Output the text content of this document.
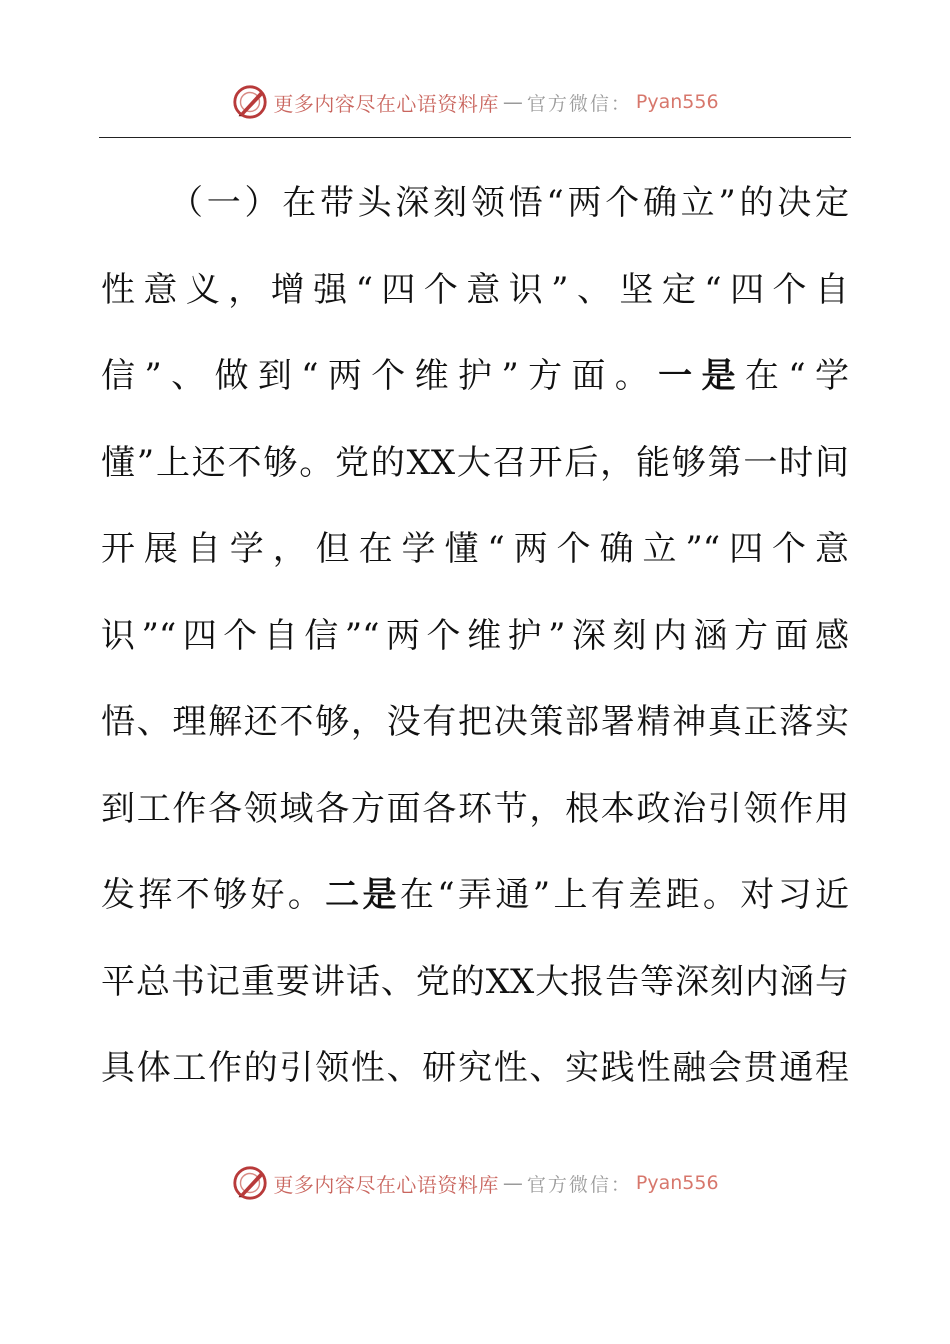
更多内容尽在心语资料库 — 官方微信： Pyan556
（一）在带头深刻领悟“两个确立”的决定
性意义，增强“四个意识”、坚定“四个自
信”、做到“两个维护”方面。一是在“学
懂”上还不够。党的XX大召开后，能够第一时间
开展自学，但在学懂“两个确立”“四个意
识”“四个自信”“两个维护”深刻内涵方面感
悟、理解还不够，没有把决策部署精神真正落实
到工作各领域各方面各环节，根本政治引领作用
发挥不够好。二是在“弄通”上有差距。对习近
平总书记重要讲话、党的XX大报告等深刻内涵与
具体工作的引领性、研究性、实践性融会贯通程
更多内容尽在心语资料库 — 官方微信： Pyan556
